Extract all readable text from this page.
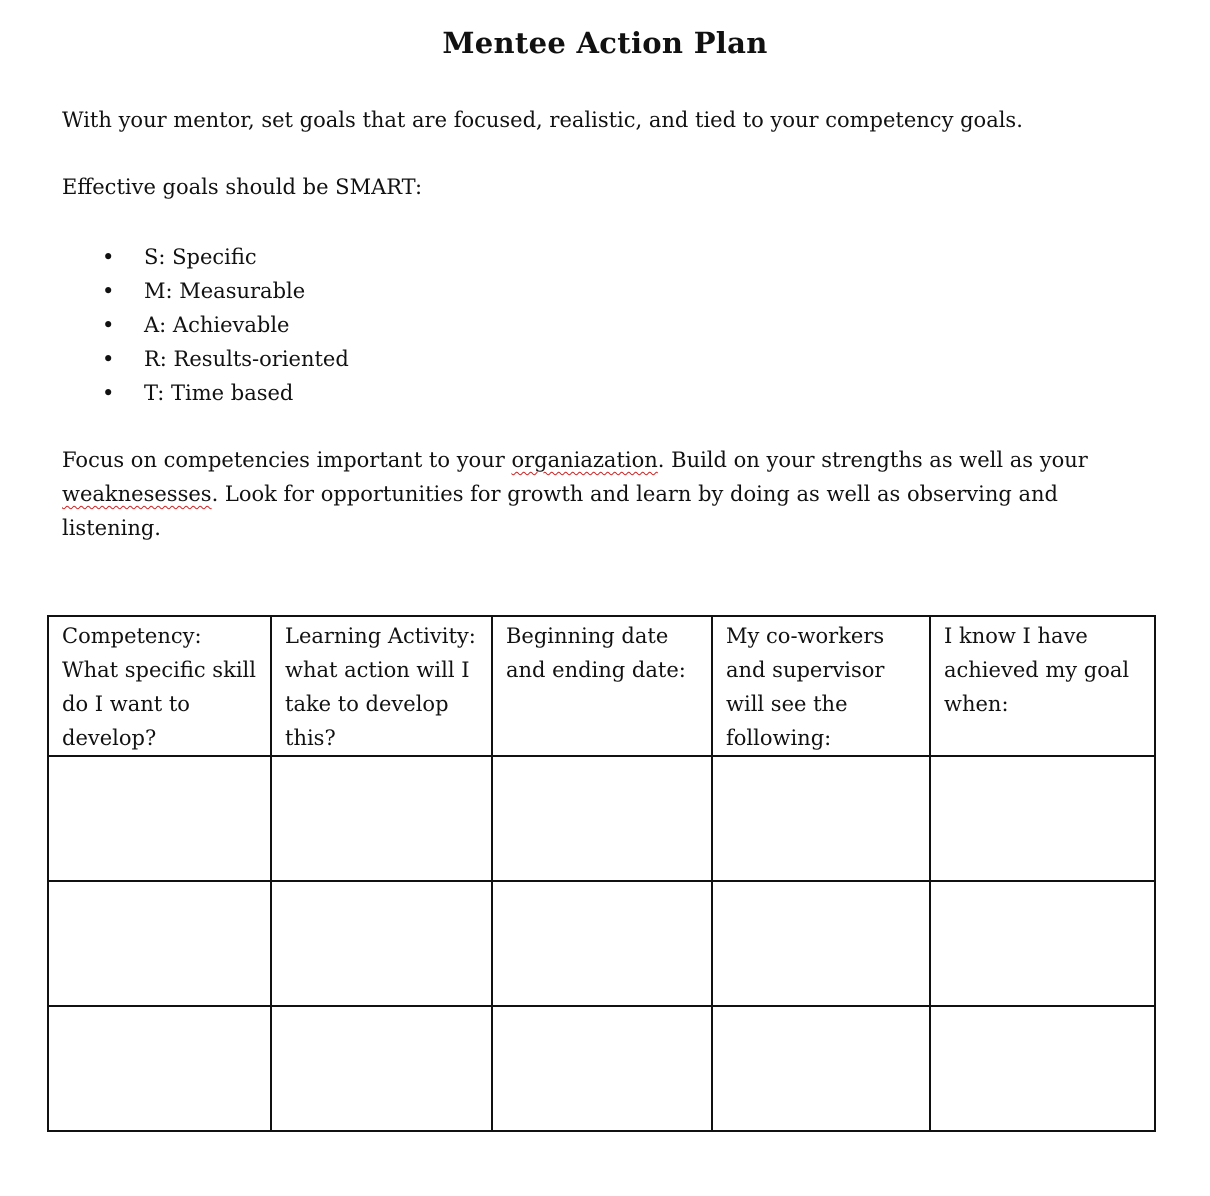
Mentee Action Plan
With your mentor, set goals that are focused, realistic, and tied to your competency goals.
Effective goals should be SMART:
• S: Specific
• M: Measurable
• A: Achievable
• R: Results-oriented
• T: Time based
Focus on competencies important to your organiazation. Build on your strengths as well as your weaknesesses. Look for opportunities for growth and learn by doing as well as observing and listening.
Competency: What specific skill do I want to develop?	Learning Activity: what action will I take to develop this?	Beginning date and ending date:	My co-workers and supervisor will see the following:	I know I have achieved my goal when:
